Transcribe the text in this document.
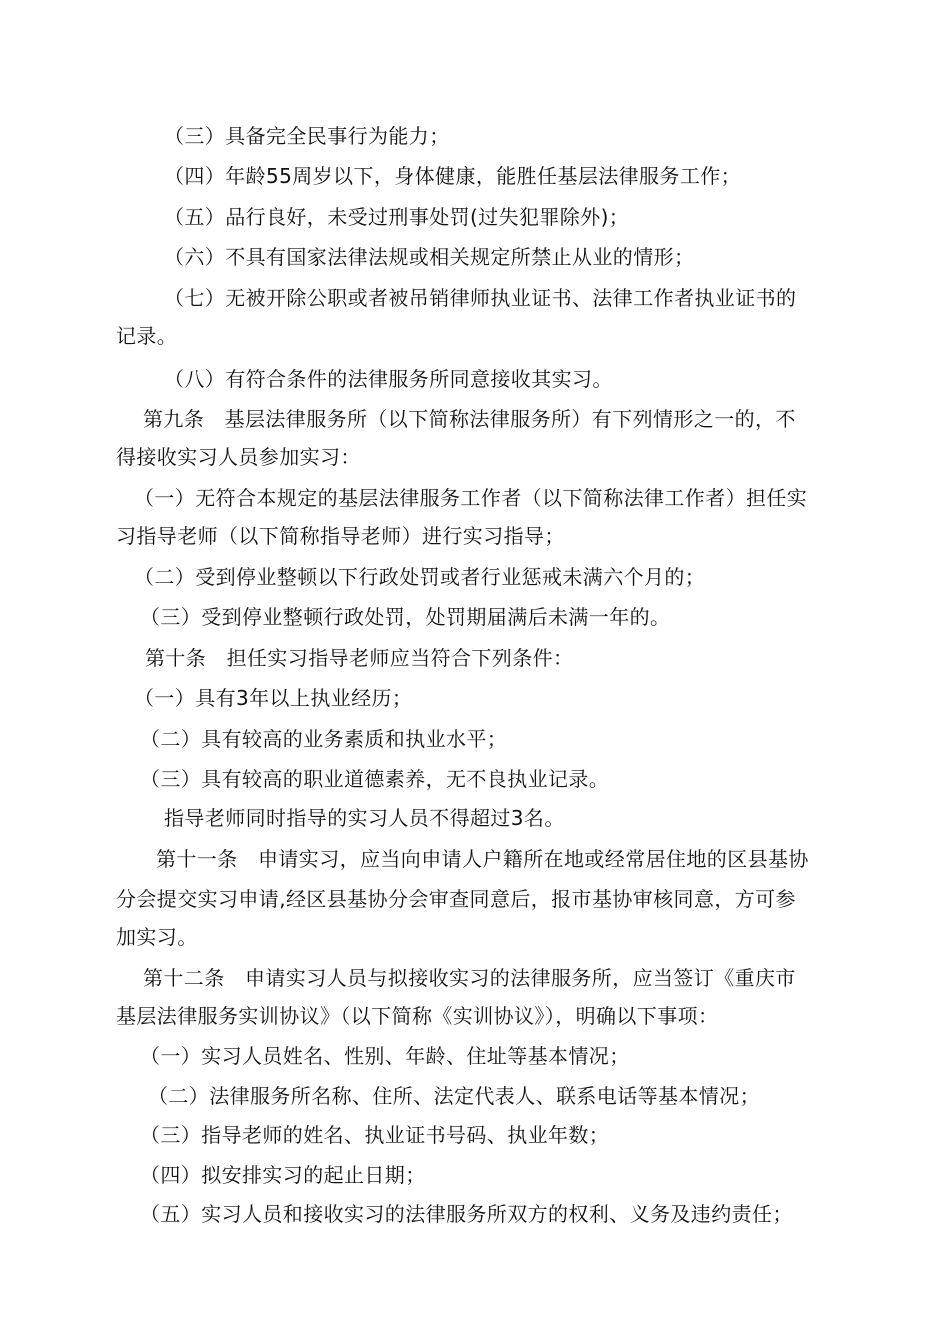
（三）具备完全民事行为能力；
（四）年龄55周岁以下，身体健康，能胜任基层法律服务工作；
（五）品行良好，未受过刑事处罚(过失犯罪除外)；
（六）不具有国家法律法规或相关规定所禁止从业的情形；
（七）无被开除公职或者被吊销律师执业证书、法律工作者执业证书的
记录。
（八）有符合条件的法律服务所同意接收其实习。
第九条　基层法律服务所（以下简称法律服务所）有下列情形之一的，不
得接收实习人员参加实习：
（一）无符合本规定的基层法律服务工作者（以下简称法律工作者）担任实
习指导老师（以下简称指导老师）进行实习指导；
（二）受到停业整顿以下行政处罚或者行业惩戒未满六个月的；
（三）受到停业整顿行政处罚，处罚期届满后未满一年的。
第十条　担任实习指导老师应当符合下列条件：
（一）具有3年以上执业经历；
（二）具有较高的业务素质和执业水平；
（三）具有较高的职业道德素养，无不良执业记录。
指导老师同时指导的实习人员不得超过3名。
第十一条　申请实习，应当向申请人户籍所在地或经常居住地的区县基协
分会提交实习申请,经区县基协分会审查同意后，报市基协审核同意，方可参
加实习。
第十二条　申请实习人员与拟接收实习的法律服务所，应当签订《重庆市
基层法律服务实训协议》（以下简称《实训协议》），明确以下事项：
（一）实习人员姓名、性别、年龄、住址等基本情况；
（二）法律服务所名称、住所、法定代表人、联系电话等基本情况；
（三）指导老师的姓名、执业证书号码、执业年数；
（四）拟安排实习的起止日期；
（五）实习人员和接收实习的法律服务所双方的权利、义务及违约责任；
